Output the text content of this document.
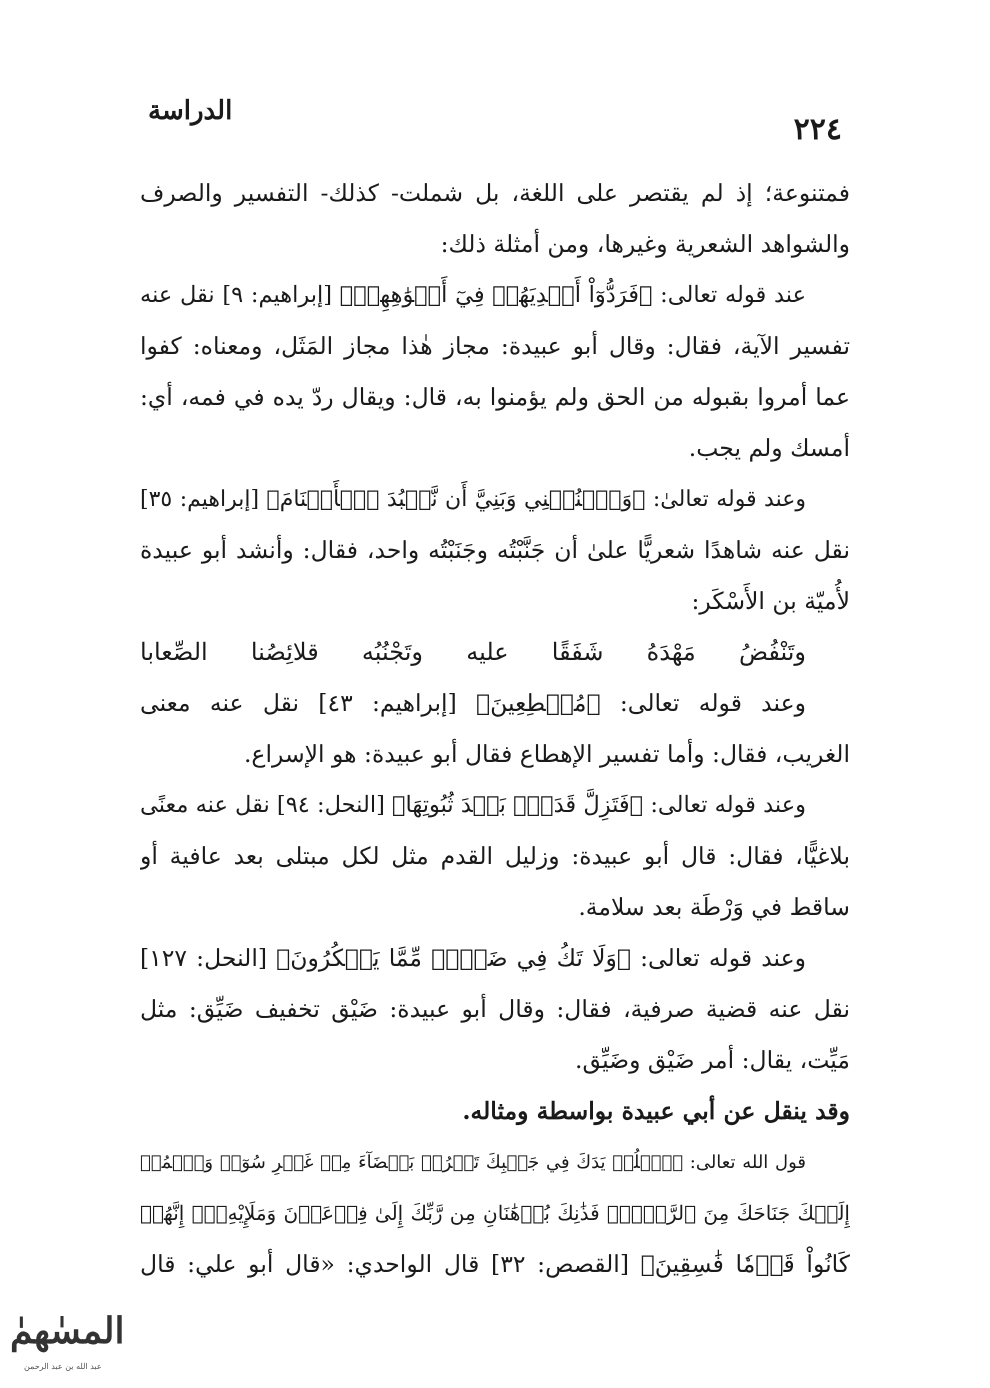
٢٢٤
الدراسة
فمتنوعة؛ إذ لم يقتصر على اللغة، بل شملت- كذلك- التفسير والصرف
والشواهد الشعرية وغيرها، ومن أمثلة ذلك:
عند قوله تعالى: ﴿فَرَدُّوٓاْ أَيۡدِيَهُمۡ فِيٓ أَفۡوَٰهِهِمۡ﴾ [إبراهيم: ٩] نقل عنه
تفسير الآية، فقال: وقال أبو عبيدة: مجاز هٰذا مجاز المَثَل، ومعناه: كفوا
عما أمروا بقبوله من الحق ولم يؤمنوا به، قال: ويقال ردّ يده في فمه، أي:
أمسك ولم يجب.
وعند قوله تعالىٰ: ﴿وَٱجۡنُبۡنِي وَبَنِيَّ أَن نَّعۡبُدَ ٱلۡأَصۡنَامَ﴾ [إبراهيم: ٣٥]
نقل عنه شاهدًا شعريًّا علىٰ أن جَنَّبْتُه وجَنَبْتُه واحد، فقال: وأنشد أبو عبيدة
لأُميّة بن الأَسْكَر:
وتَنْفُضُ مَهْدَهُ شَفَقًا عليه وتَجْنُبُه قلائِصُنا الصِّعابا
وعند قوله تعالى: ﴿مُهۡطِعِينَ﴾ [إبراهيم: ٤٣] نقل عنه معنى
الغريب، فقال: وأما تفسير الإهطاع فقال أبو عبيدة: هو الإسراع.
وعند قوله تعالى: ﴿فَتَزِلَّ قَدَمُۢ بَعۡدَ ثُبُوتِهَا﴾ [النحل: ٩٤] نقل عنه معنًى
بلاغيًّا، فقال: قال أبو عبيدة: وزليل القدم مثل لكل مبتلى بعد عافية أو
ساقط في وَرْطَة بعد سلامة.
وعند قوله تعالى: ﴿وَلَا تَكُ فِي ضَيۡقٖ مِّمَّا يَمۡكُرُونَ﴾ [النحل: ١٢٧]
نقل عنه قضية صرفية، فقال: وقال أبو عبيدة: ضَيْق تخفيف ضَيِّق: مثل
مَيِّت، يقال: أمر ضَيْق وضَيِّق.
وقد ينقل عن أبي عبيدة بواسطة ومثاله.
قول الله تعالى: ﴿ٱسۡلُكۡ يَدَكَ فِي جَيۡبِكَ تَخۡرُجۡ بَيۡضَآءَ مِنۡ غَيۡرِ سُوٓءٖ وَٱضۡمُمۡ
إِلَيۡكَ جَنَاحَكَ مِنَ ٱلرَّهۡبِۖ فَذَٰنِكَ بُرۡهَٰنَانِ مِن رَّبِّكَ إِلَىٰ فِرۡعَوۡنَ وَمَلَإِيْهِۦٓۚ إِنَّهُمۡ
كَانُواْ قَوۡمٗا فَٰسِقِينَ﴾ [القصص: ٣٢] قال الواحدي: «قال أبو علي: قال
المسٰهمٰ
عبد الله بن عبد الرحمن
